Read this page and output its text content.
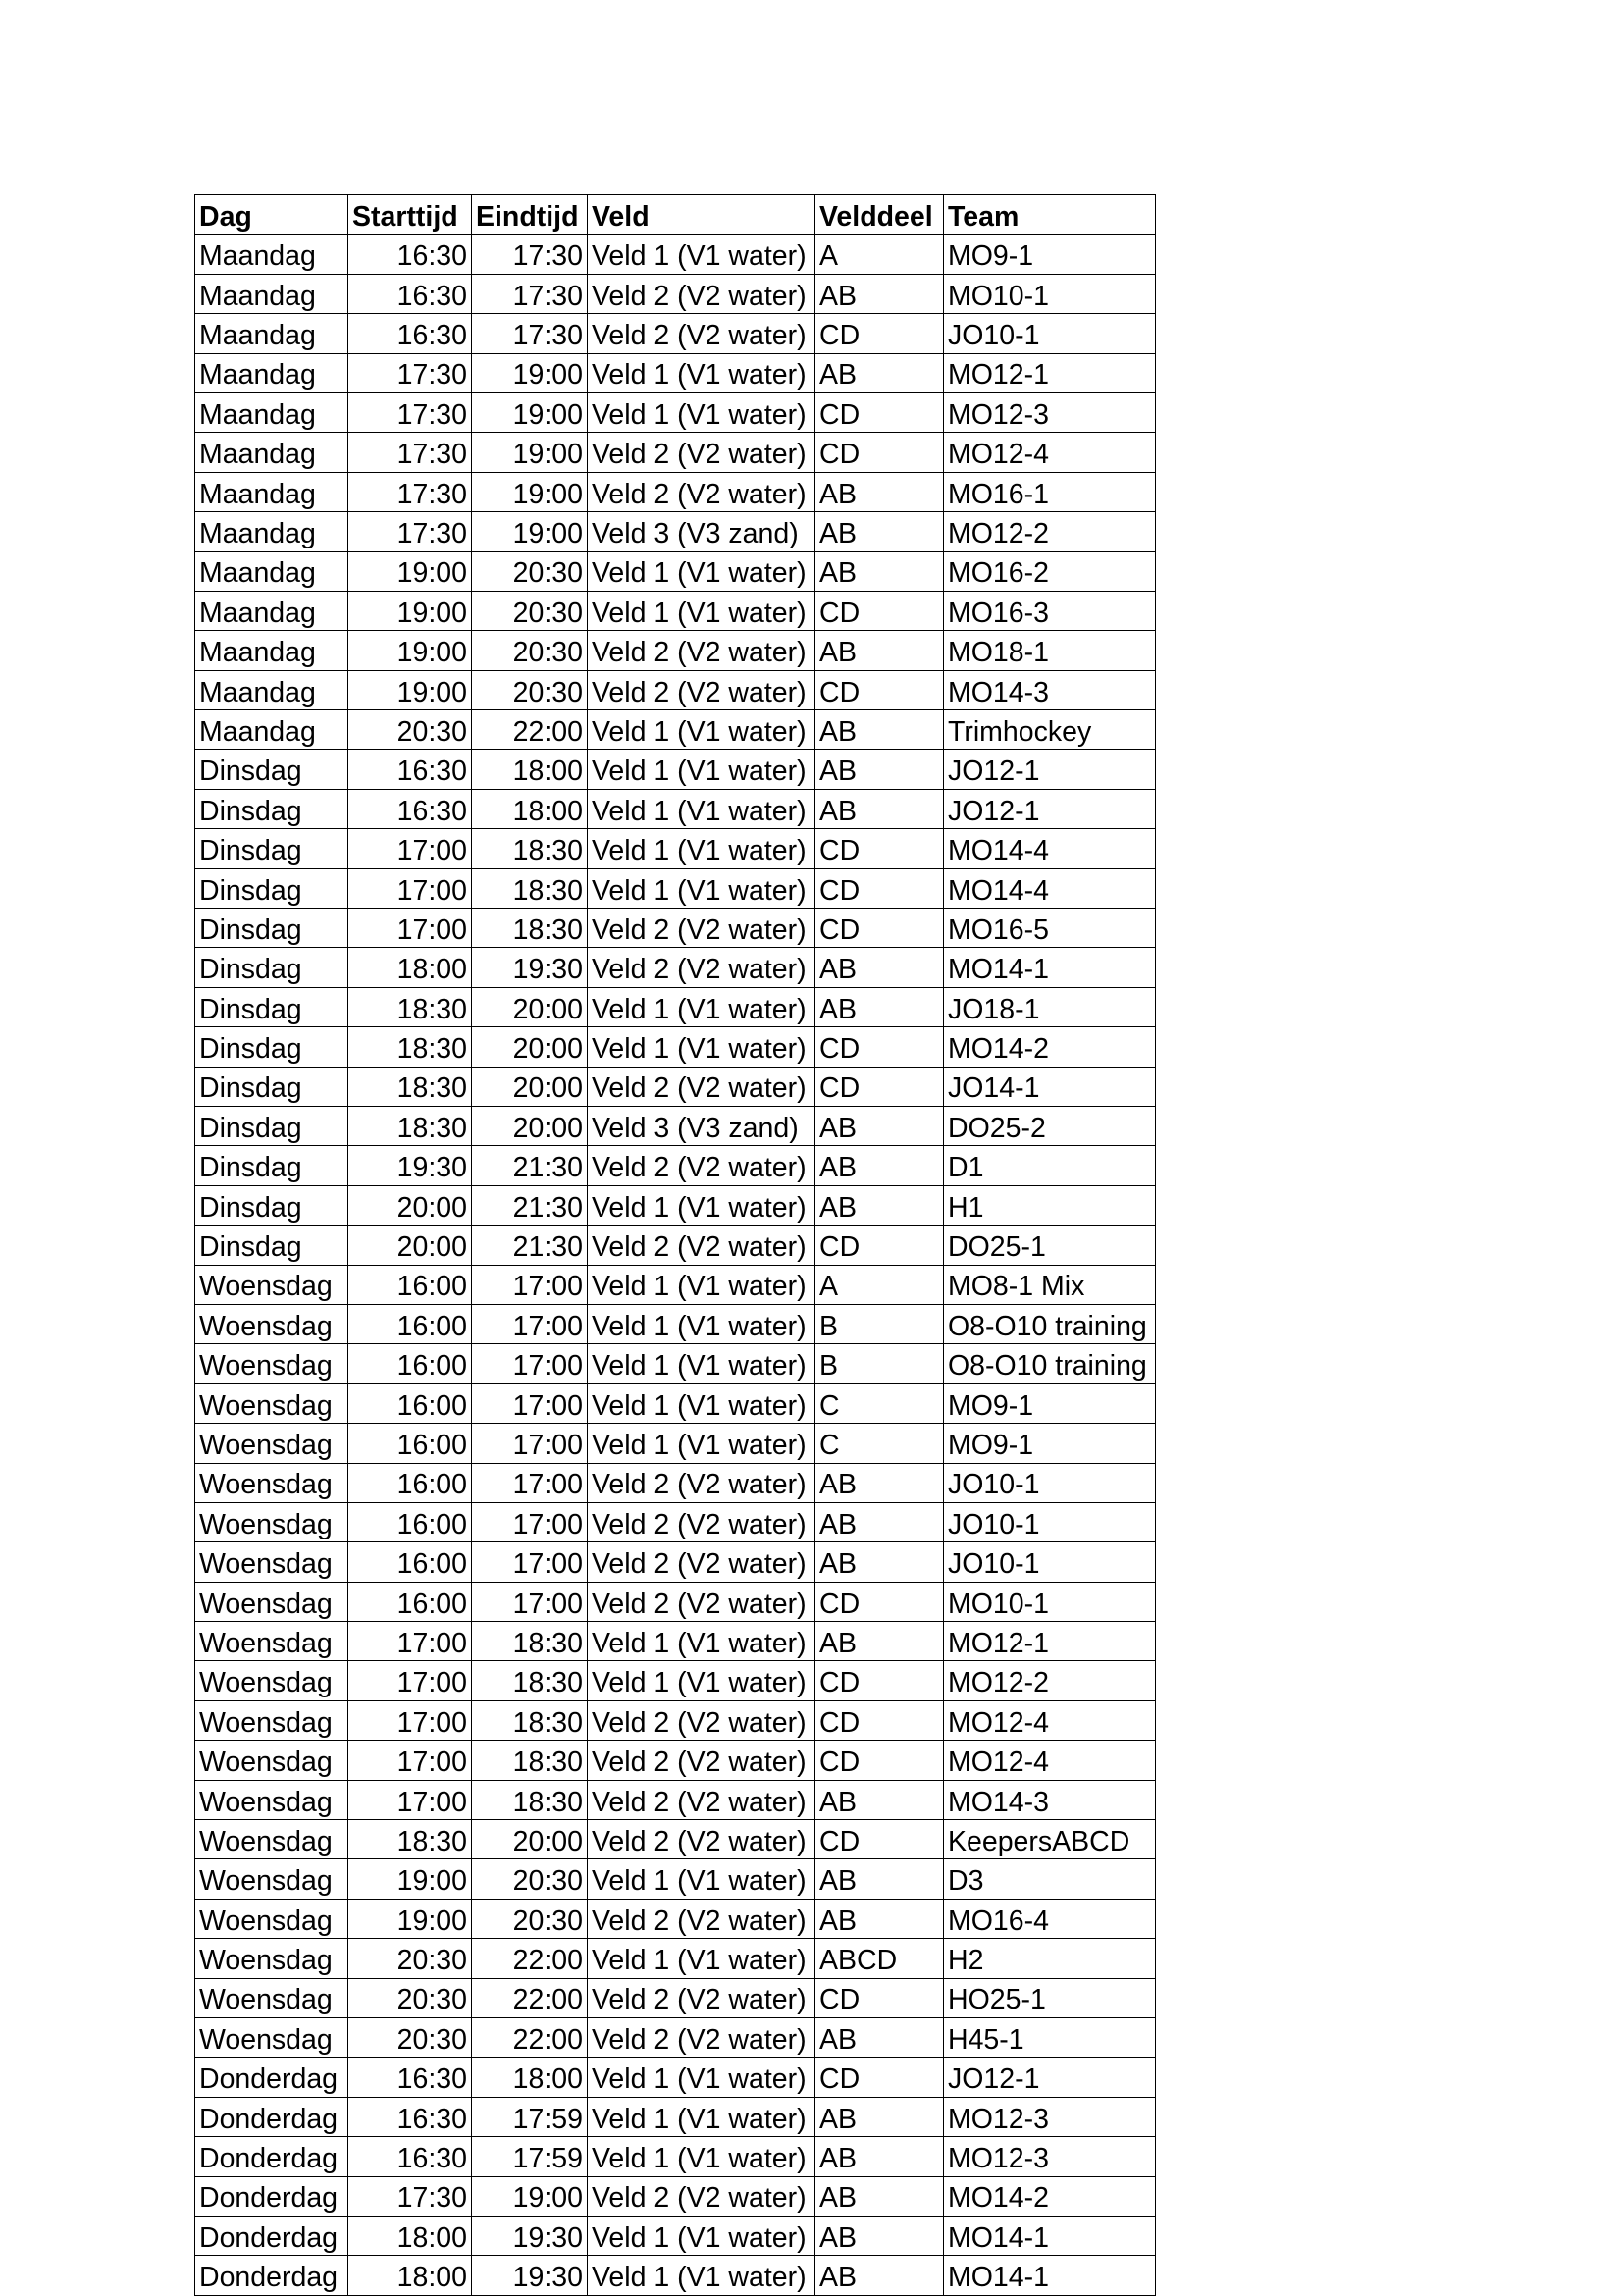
Dag	Starttijd	Eindtijd	Veld	Velddeel	Team
Maandag	16:30	17:30	Veld 1 (V1 water)	A	MO9-1
Maandag	16:30	17:30	Veld 2 (V2 water)	AB	MO10-1
Maandag	16:30	17:30	Veld 2 (V2 water)	CD	JO10-1
Maandag	17:30	19:00	Veld 1 (V1 water)	AB	MO12-1
Maandag	17:30	19:00	Veld 1 (V1 water)	CD	MO12-3
Maandag	17:30	19:00	Veld 2 (V2 water)	CD	MO12-4
Maandag	17:30	19:00	Veld 2 (V2 water)	AB	MO16-1
Maandag	17:30	19:00	Veld 3 (V3 zand)	AB	MO12-2
Maandag	19:00	20:30	Veld 1 (V1 water)	AB	MO16-2
Maandag	19:00	20:30	Veld 1 (V1 water)	CD	MO16-3
Maandag	19:00	20:30	Veld 2 (V2 water)	AB	MO18-1
Maandag	19:00	20:30	Veld 2 (V2 water)	CD	MO14-3
Maandag	20:30	22:00	Veld 1 (V1 water)	AB	Trimhockey
Dinsdag	16:30	18:00	Veld 1 (V1 water)	AB	JO12-1
Dinsdag	16:30	18:00	Veld 1 (V1 water)	AB	JO12-1
Dinsdag	17:00	18:30	Veld 1 (V1 water)	CD	MO14-4
Dinsdag	17:00	18:30	Veld 1 (V1 water)	CD	MO14-4
Dinsdag	17:00	18:30	Veld 2 (V2 water)	CD	MO16-5
Dinsdag	18:00	19:30	Veld 2 (V2 water)	AB	MO14-1
Dinsdag	18:30	20:00	Veld 1 (V1 water)	AB	JO18-1
Dinsdag	18:30	20:00	Veld 1 (V1 water)	CD	MO14-2
Dinsdag	18:30	20:00	Veld 2 (V2 water)	CD	JO14-1
Dinsdag	18:30	20:00	Veld 3 (V3 zand)	AB	DO25-2
Dinsdag	19:30	21:30	Veld 2 (V2 water)	AB	D1
Dinsdag	20:00	21:30	Veld 1 (V1 water)	AB	H1
Dinsdag	20:00	21:30	Veld 2 (V2 water)	CD	DO25-1
Woensdag	16:00	17:00	Veld 1 (V1 water)	A	MO8-1 Mix
Woensdag	16:00	17:00	Veld 1 (V1 water)	B	O8-O10 training
Woensdag	16:00	17:00	Veld 1 (V1 water)	B	O8-O10 training
Woensdag	16:00	17:00	Veld 1 (V1 water)	C	MO9-1
Woensdag	16:00	17:00	Veld 1 (V1 water)	C	MO9-1
Woensdag	16:00	17:00	Veld 2 (V2 water)	AB	JO10-1
Woensdag	16:00	17:00	Veld 2 (V2 water)	AB	JO10-1
Woensdag	16:00	17:00	Veld 2 (V2 water)	AB	JO10-1
Woensdag	16:00	17:00	Veld 2 (V2 water)	CD	MO10-1
Woensdag	17:00	18:30	Veld 1 (V1 water)	AB	MO12-1
Woensdag	17:00	18:30	Veld 1 (V1 water)	CD	MO12-2
Woensdag	17:00	18:30	Veld 2 (V2 water)	CD	MO12-4
Woensdag	17:00	18:30	Veld 2 (V2 water)	CD	MO12-4
Woensdag	17:00	18:30	Veld 2 (V2 water)	AB	MO14-3
Woensdag	18:30	20:00	Veld 2 (V2 water)	CD	KeepersABCD
Woensdag	19:00	20:30	Veld 1 (V1 water)	AB	D3
Woensdag	19:00	20:30	Veld 2 (V2 water)	AB	MO16-4
Woensdag	20:30	22:00	Veld 1 (V1 water)	ABCD	H2
Woensdag	20:30	22:00	Veld 2 (V2 water)	CD	HO25-1
Woensdag	20:30	22:00	Veld 2 (V2 water)	AB	H45-1
Donderdag	16:30	18:00	Veld 1 (V1 water)	CD	JO12-1
Donderdag	16:30	17:59	Veld 1 (V1 water)	AB	MO12-3
Donderdag	16:30	17:59	Veld 1 (V1 water)	AB	MO12-3
Donderdag	17:30	19:00	Veld 2 (V2 water)	AB	MO14-2
Donderdag	18:00	19:30	Veld 1 (V1 water)	AB	MO14-1
Donderdag	18:00	19:30	Veld 1 (V1 water)	AB	MO14-1
